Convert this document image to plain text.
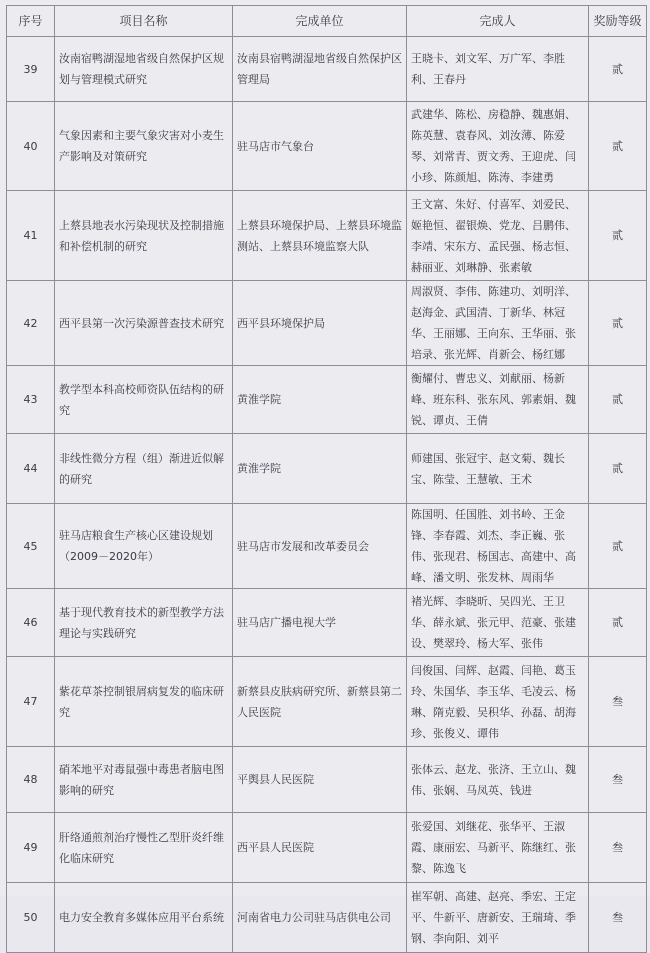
序号	项目名称	完成单位	完成人	奖励等级
39	汝南宿鸭湖湿地省级自然保护区规划与管理模式研究	汝南县宿鸭湖湿地省级自然保护区管理局	王晓卡、刘文军、万广军、李胜利、王春丹	贰
40	气象因素和主要气象灾害对小麦生产影响及对策研究	驻马店市气象台	武建华、陈松、房稳静、魏惠娟、陈英慧、袁春风、刘汝薄、陈爱琴、刘常青、贾文秀、王迎虎、闫小珍、陈颜旭、陈涛、李建勇	贰
41	上蔡县地表水污染现状及控制措施和补偿机制的研究	上蔡县环境保护局、上蔡县环境监测站、上蔡县环境监察大队	王文富、朱好、付喜军、刘爱民、姬艳恒、翟银焕、党龙、吕鹏伟、李靖、宋东方、孟民强、杨志恒、赫丽亚、刘琳静、张素敏	贰
42	西平县第一次污染源普查技术研究	西平县环境保护局	周淑贤、李伟、陈建功、刘明洋、赵海金、武国清、丁新华、林冠华、王丽娜、王向东、王华丽、张培录、张光辉、肖新会、杨红娜	贰
43	教学型本科高校师资队伍结构的研究	黄淮学院	衡耀付、曹忠义、刘献丽、杨新峰、班东科、张东风、郭素娟、魏锐、谭贞、王倩	贰
44	非线性微分方程（组）渐进近似解的研究	黄淮学院	师建国、张冠宇、赵文菊、魏长宝、陈莹、王慧敏、王术	贰
45	驻马店粮食生产核心区建设规划（2009－2020年）	驻马店市发展和改革委员会	陈国明、任国胜、刘书岭、王金锋、李春霞、刘杰、李正巍、张伟、张现君、杨国志、高建中、高峰、潘文明、张发林、周雨华	贰
46	基于现代教育技术的新型教学方法理论与实践研究	驻马店广播电视大学	褚光辉、李晓昕、吴四光、王卫华、薛永斌、张元甲、范豪、张建设、樊翠玲、杨大军、张伟	贰
47	紫花草茶控制银屑病复发的临床研究	新蔡县皮肤病研究所、新蔡县第二人民医院	闫俊国、闫辉、赵霞、闫艳、葛玉玲、朱国华、李玉华、毛凌云、杨琳、隋克毅、吴积华、孙磊、胡海珍、张俊义、谭伟	叁
48	硝苯地平对毒鼠强中毒患者脑电图影响的研究	平舆县人民医院	张体云、赵龙、张济、王立山、魏伟、张娴、马凤英、钱进	叁
49	肝络通煎剂治疗慢性乙型肝炎纤维化临床研究	西平县人民医院	张爱国、刘继花、张华平、王淑霞、康丽宏、马新平、陈继红、张黎、陈逸飞	叁
50	电力安全教育多媒体应用平台系统	河南省电力公司驻马店供电公司	崔军朝、高建、赵亮、季宏、王定平、牛新平、唐新安、王瑞琦、季钢、李向阳、刘平	叁
